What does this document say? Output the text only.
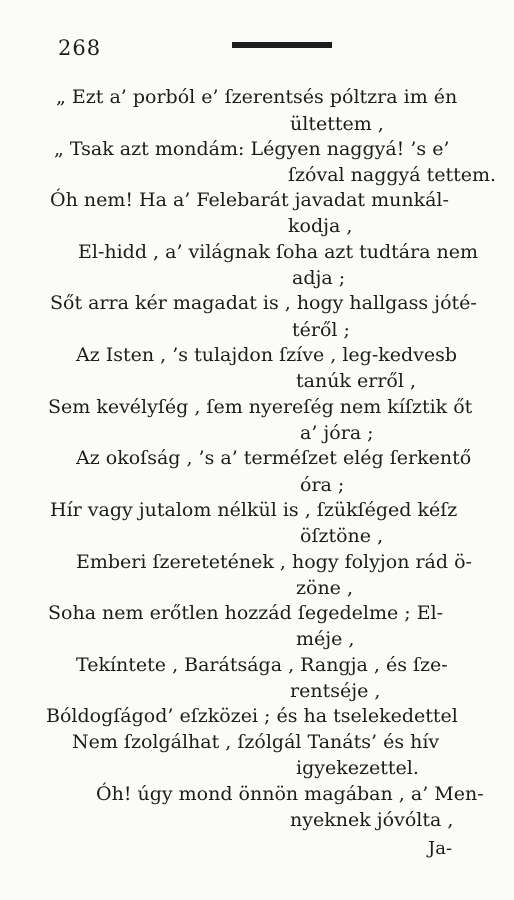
268
„ Ezt a’ porból e’ ſzerentsés póltzra im én
ültettem ,
„ Tsak azt mondám: Légyen naggyá! ’s e’
ſzóval naggyá tettem.
Óh nem! Ha a’ Felebarát javadat munkál-
kodja ,
El-hidd , a’ világnak ſoha azt tudtára nem
adja ;
Sőt arra kér magadat is , hogy hallgass jóté-
téről ;
Az Isten , ’s tulajdon ſzíve , leg-kedvesb
tanúk erről ,
Sem kevélyſég , ſem nyereſég nem kíſztik őt
a’ jóra ;
Az okoſság , ’s a’ terméſzet elég ſerkentő
óra ;
Hír vagy jutalom nélkül is , ſzükſéged kéſz
öſztöne ,
Emberi ſzeretetének , hogy folyjon rád ö-
zöne ,
Soha nem erőtlen hozzád ſegedelme ; El-
méje ,
Tekíntete , Barátsága , Rangja , és ſze-
rentséje ,
Bóldogſágod’ eſzközei ; és ha tselekedettel
Nem ſzolgálhat , ſzólgál Tanáts’ és hív
igyekezettel.
Óh! úgy mond önnön magában , a’ Men-
nyeknek jóvólta ,
Ja-
